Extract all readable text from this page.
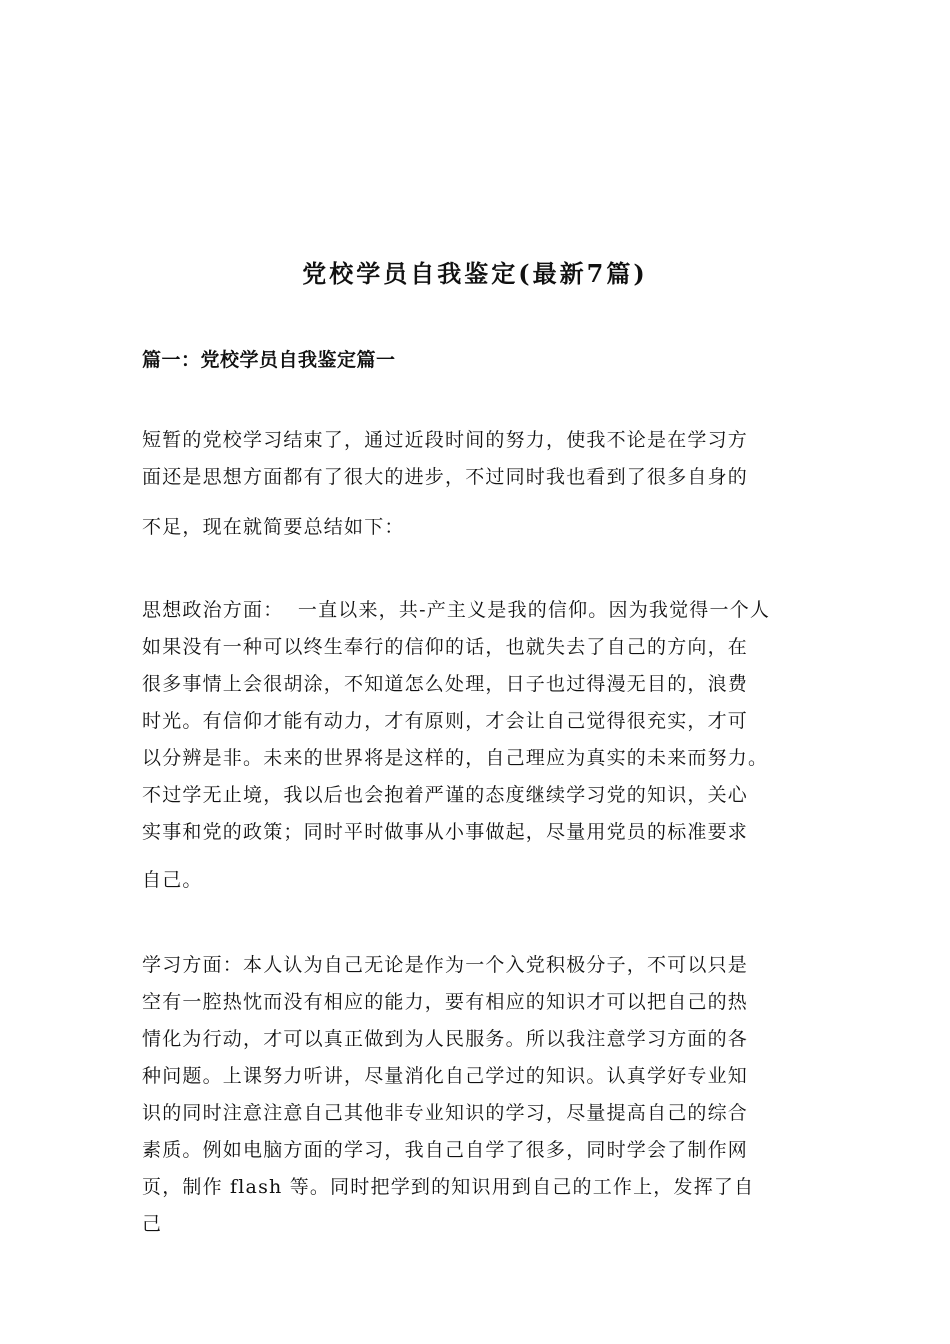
党校学员自我鉴定(最新7篇)
篇一：党校学员自我鉴定篇一
短暂的党校学习结束了，通过近段时间的努力，使我不论是在学习方
面还是思想方面都有了很大的进步，不过同时我也看到了很多自身的
不足，现在就简要总结如下：
思想政治方面：  一直以来，共-产主义是我的信仰。因为我觉得一个人
如果没有一种可以终生奉行的信仰的话，也就失去了自己的方向，在
很多事情上会很胡涂，不知道怎么处理，日子也过得漫无目的，浪费
时光。有信仰才能有动力，才有原则，才会让自己觉得很充实，才可
以分辨是非。未来的世界将是这样的，自己理应为真实的未来而努力。
不过学无止境，我以后也会抱着严谨的态度继续学习党的知识，关心
实事和党的政策；同时平时做事从小事做起，尽量用党员的标准要求
自己。
学习方面：本人认为自己无论是作为一个入党积极分子，不可以只是
空有一腔热忱而没有相应的能力，要有相应的知识才可以把自己的热
情化为行动，才可以真正做到为人民服务。所以我注意学习方面的各
种问题。上课努力听讲，尽量消化自己学过的知识。认真学好专业知
识的同时注意注意自己其他非专业知识的学习，尽量提高自己的综合
素质。例如电脑方面的学习，我自己自学了很多，同时学会了制作网
页，制作 flash 等。同时把学到的知识用到自己的工作上，发挥了自
己
